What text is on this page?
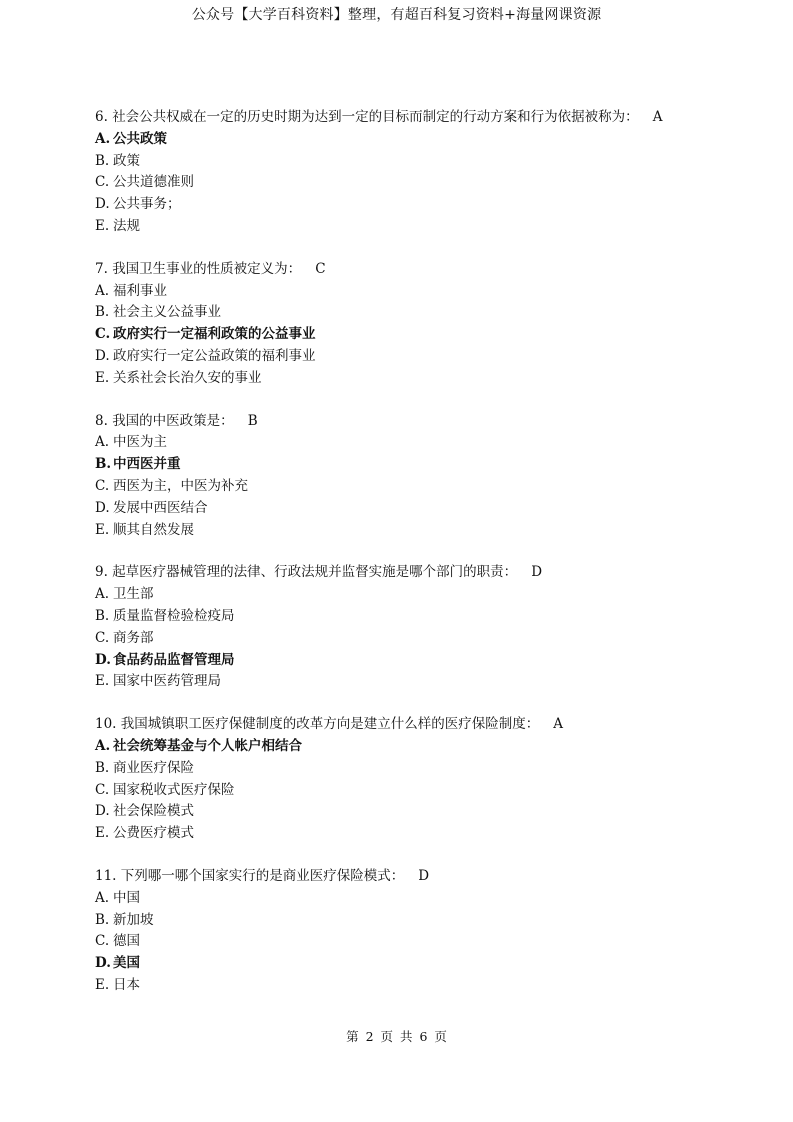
公众号【大学百科资料】整理，有超百科复习资料+海量网课资源
6. 社会公共权威在一定的历史时期为达到一定的目标而制定的行动方案和行为依据被称为： A
A. 公共政策
B. 政策
C. 公共道德准则
D. 公共事务；
E. 法规
7. 我国卫生事业的性质被定义为： C
A. 福利事业
B. 社会主义公益事业
C. 政府实行一定福利政策的公益事业
D. 政府实行一定公益政策的福利事业
E. 关系社会长治久安的事业
8. 我国的中医政策是： B
A. 中医为主
B. 中西医并重
C. 西医为主，中医为补充
D. 发展中西医结合
E. 顺其自然发展
9. 起草医疗器械管理的法律、行政法规并监督实施是哪个部门的职责： D
A. 卫生部
B. 质量监督检验检疫局
C. 商务部
D. 食品药品监督管理局
E. 国家中医药管理局
10. 我国城镇职工医疗保健制度的改革方向是建立什么样的医疗保险制度： A
A. 社会统筹基金与个人帐户相结合
B. 商业医疗保险
C. 国家税收式医疗保险
D. 社会保险模式
E. 公费医疗模式
11. 下列哪一哪个国家实行的是商业医疗保险模式： D
A. 中国
B. 新加坡
C. 德国
D. 美国
E. 日本
第 2 页 共 6 页
